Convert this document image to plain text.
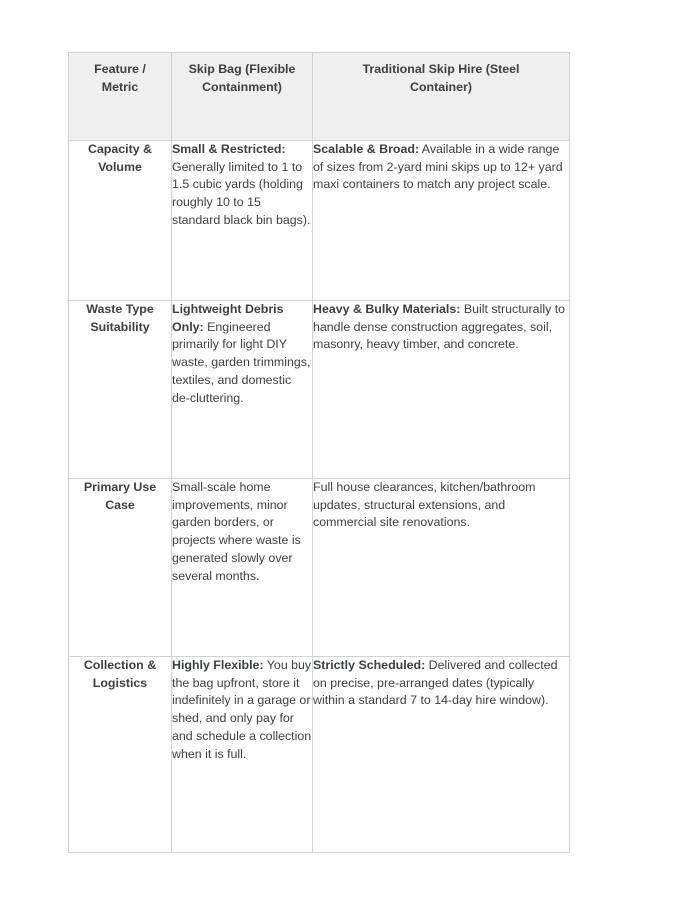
Feature / Metric	Skip Bag (Flexible Containment)	Traditional Skip Hire (Steel Container)
Capacity & Volume	Small & Restricted: Generally limited to 1 to 1.5 cubic yards (holding roughly 10 to 15 standard black bin bags).	Scalable & Broad: Available in a wide range of sizes from 2-yard mini skips up to 12+ yard maxi containers to match any project scale.
Waste Type Suitability	Lightweight Debris Only: Engineered primarily for light DIY waste, garden trimmings, textiles, and domestic de-cluttering.	Heavy & Bulky Materials: Built structurally to handle dense construction aggregates, soil, masonry, heavy timber, and concrete.
Primary Use Case	Small-scale home improvements, minor garden borders, or projects where waste is generated slowly over several months.	Full house clearances, kitchen/bathroom updates, structural extensions, and commercial site renovations.
Collection & Logistics	Highly Flexible: You buy the bag upfront, store it indefinitely in a garage or shed, and only pay for and schedule a collection when it is full.	Strictly Scheduled: Delivered and collected on precise, pre-arranged dates (typically within a standard 7 to 14-day hire window).
